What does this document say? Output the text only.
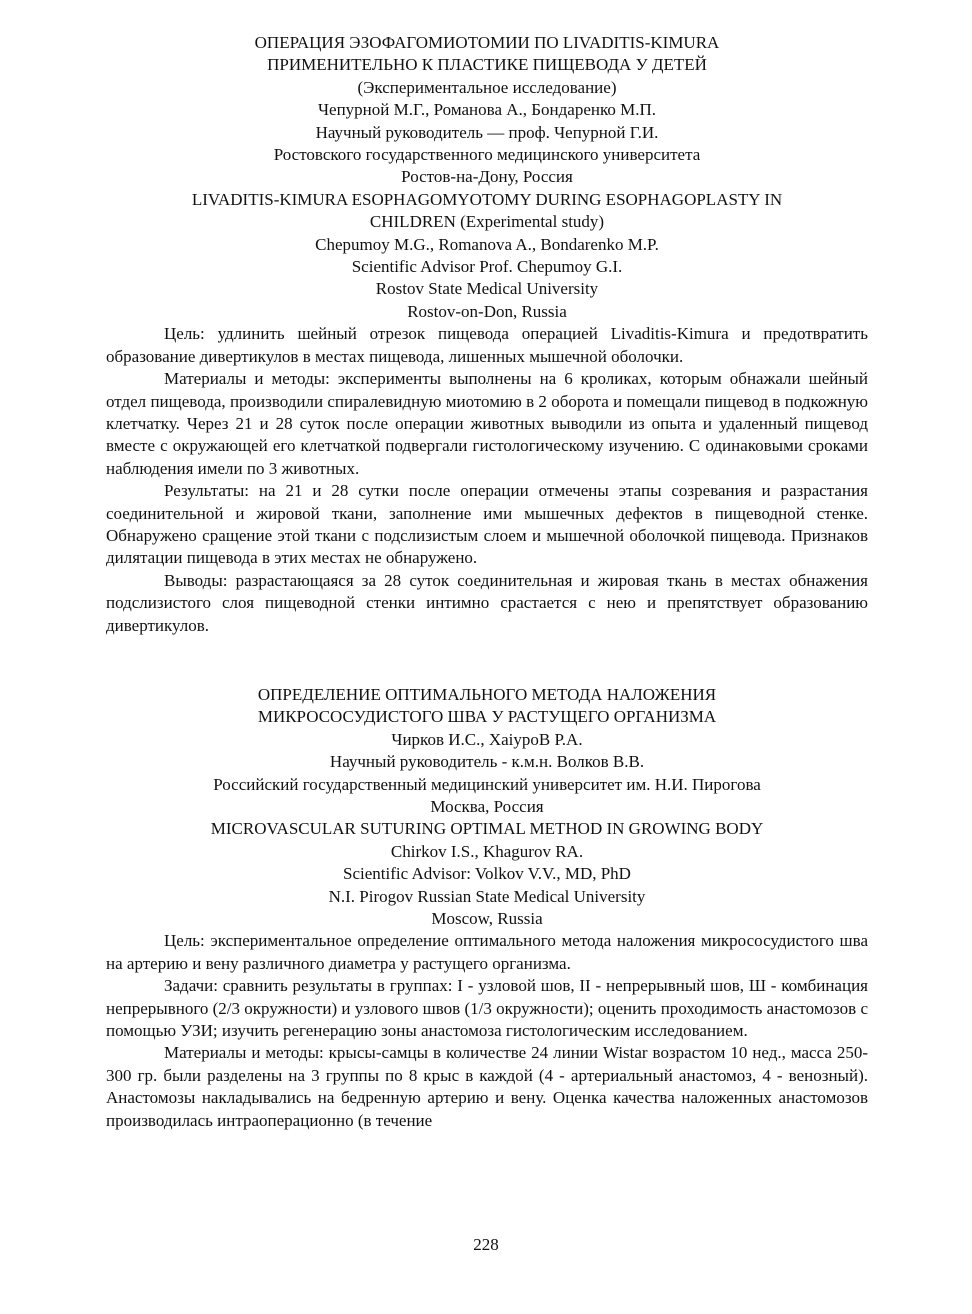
ОПЕРАЦИЯ ЭЗОФАГОМИОТОМИИ ПО LIVADITIS-KIMURA
ПРИМЕНИТЕЛЬНО К ПЛАСТИКЕ ПИЩЕВОДА У ДЕТЕЙ
(Экспериментальное исследование)
Чепурной М.Г., Романова А., Бондаренко М.П.
Научный руководитель — проф. Чепурной Г.И.
Ростовского государственного медицинского университета
Ростов-на-Дону, Россия
LIVADITIS-KIMURA ESOPHAGOMYOTOMY DURING ESOPHAGOPLASTY IN
CHILDREN (Experimental study)
Chepumoy M.G., Romanova A., Bondarenko M.P.
Scientific Advisor Prof. Chepumoy G.I.
Rostov State Medical University
Rostov-on-Don, Russia

Цель: удлинить шейный отрезок пищевода операцией Livaditis-Kimura и предотвратить образование дивертикулов в местах пищевода, лишенных мышечной оболочки.

Материалы и методы: эксперименты выполнены на 6 кроликах, которым обнажали шейный отдел пищевода, производили спиралевидную миотомию в 2 оборота и помещали пищевод в подкожную клетчатку. Через 21 и 28 суток после операции животных выводили из опыта и удаленный пищевод вместе с окружающей его клетчаткой подвергали гистологическому изучению. С одинаковыми сроками наблюдения имели по 3 животных.

Результаты: на 21 и 28 сутки после операции отмечены этапы созревания и разрастания соединительной и жировой ткани, заполнение ими мышечных дефектов в пищеводной стенке. Обнаружено сращение этой ткани с подслизистым слоем и мышечной оболочкой пищевода. Признаков дилятации пищевода в этих местах не обнаружено.

Выводы: разрастающаяся за 28 суток соединительная и жировая ткань в местах обнажения подслизистого слоя пищеводной стенки интимно срастается с нею и препятствует образованию дивертикулов.

ОПРЕДЕЛЕНИЕ ОПТИМАЛЬНОГО МЕТОДА НАЛОЖЕНИЯ
МИКРОСОСУДИСТОГО ШВА У РАСТУЩЕГО ОРГАНИЗМА
Чирков И.С., ХаіуроВ Р.А.
Научный руководитель - к.м.н. Волков В.В.
Российский государственный медицинский университет им. Н.И. Пирогова
Москва, Россия
MICROVASCULAR SUTURING OPTIMAL METHOD IN GROWING BODY
Chirkov I.S., Khagurov RA.
Scientific Advisor: Volkov V.V., MD, PhD
N.I. Pirogov Russian State Medical University
Moscow, Russia

Цель: экспериментальное определение оптимального метода наложения микрососудистого шва на артерию и вену различного диаметра у растущего организма.

Задачи: сравнить результаты в группах: I - узловой шов, II - непрерывный шов, Ш - комбинация непрерывного (2/3 окружности) и узлового швов (1/3 окружности); оценить проходимость анастомозов с помощью УЗИ; изучить регенерацию зоны анастомоза гистологическим исследованием.

Материалы и методы: крысы-самцы в количестве 24 линии Wistar возрастом 10 нед., масса 250-300 гр. были разделены на 3 группы по 8 крыс в каждой (4 - артериальный анастомоз, 4 - венозный). Анастомозы накладывались на бедренную артерию и вену. Оценка качества наложенных анастомозов производилась интраоперационно (в течение

228
